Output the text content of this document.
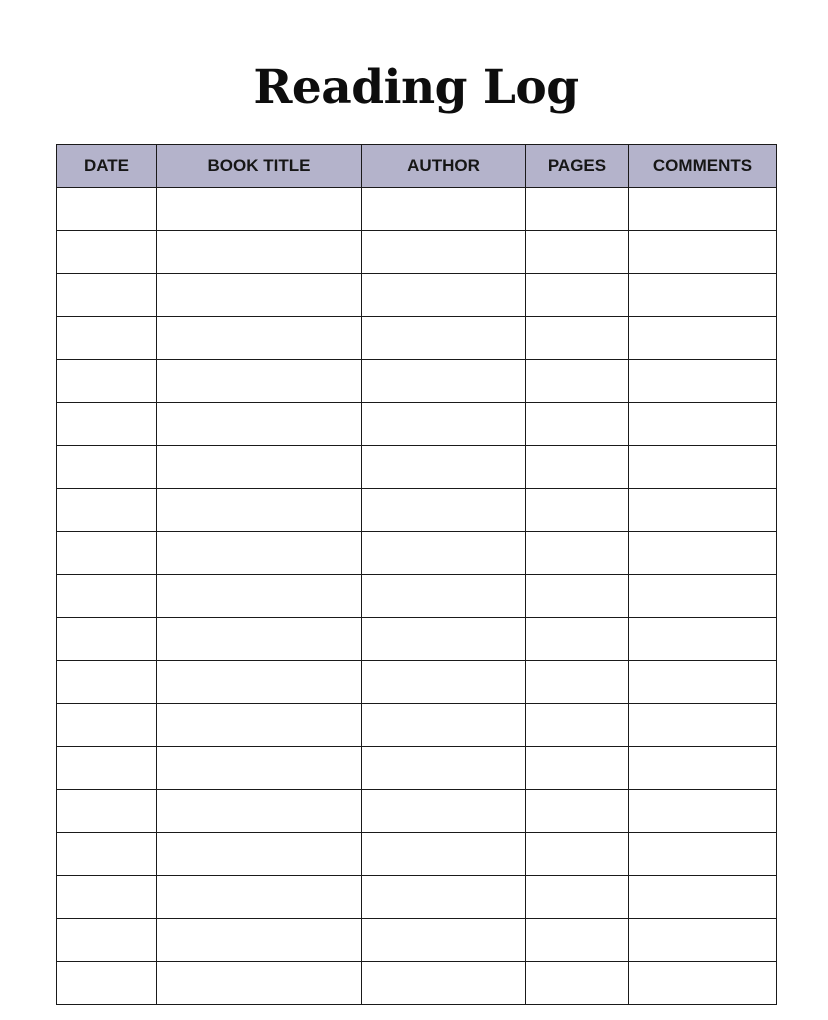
Reading Log
DATE	BOOK TITLE	AUTHOR	PAGES	COMMENTS
